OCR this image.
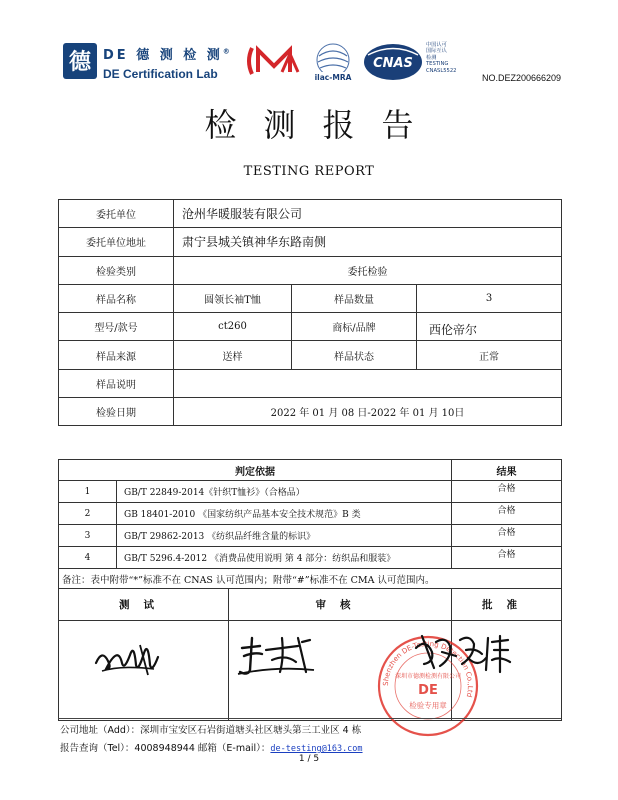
德 DE 德 测 检 测®
DE Certification Lab	ilac-MRA
CNAS
中国认可
国际互认
检测
TESTING
CNASL5522
NO.DEZ200666209
检测报告
TESTING REPORT
委托单位	沧州华暖服装有限公司		
委托单位地址	肃宁县城关镇神华东路南侧		
检验类别	委托检验		
样品名称	圆领长袖T恤	样品数量	3
型号/款号	ct260	商标/品牌	西伦帝尔
样品来源	送样	样品状态	正常
样品说明			
检验日期	2022 年 01 月 08 日-2022 年 01 月 10日		
判定依据			结果
1	GB/T 22849-2014《针织T恤衫》（合格品）		合格
2	GB 18401-2010 《国家纺织产品基本安全技术规范》B 类		合格
3	GB/T 29862-2013 《纺织品纤维含量的标识》		合格
4	GB/T 5296.4-2012 《消费品使用说明 第 4 部分：纺织品和服装》		合格
备注：表中附带“*”标准不在 CNAS 认可范围内；附带“#”标准不在 CMA 认可范围内。			
测试		审核	批准

Shenzhen DE-Testing Detection Co.,Ltd
深圳市德测检测有限公司
DE
检验专用章
公司地址（Add）：深圳市宝安区石岩街道塘头社区塘头第三工业区 4 栋
报告查询（Tel）：4008948944 邮箱（E-mail）：de-testing@163.com
1 / 5
